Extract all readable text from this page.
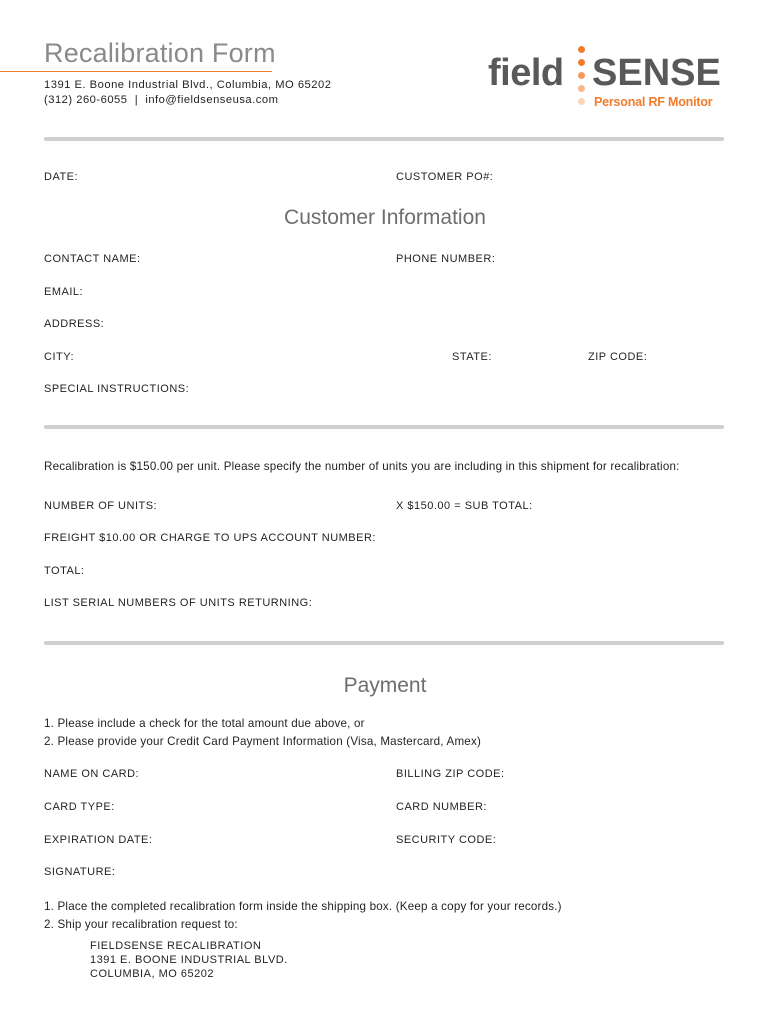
Recalibration Form
1391 E. Boone Industrial Blvd., Columbia, MO 65202
(312) 260-6055  |  info@fieldsenseusa.com
field SENSE
Personal RF Monitor
DATE:	CUSTOMER PO#:
Customer Information
CONTACT NAME:	PHONE NUMBER:
EMAIL:
ADDRESS:
CITY:	STATE:	ZIP CODE:
SPECIAL INSTRUCTIONS:
Recalibration is $150.00 per unit. Please specify the number of units you are including in this shipment for recalibration:
NUMBER OF UNITS:	X $150.00 = SUB TOTAL:
FREIGHT $10.00 OR CHARGE TO UPS ACCOUNT NUMBER:
TOTAL:
LIST SERIAL NUMBERS OF UNITS RETURNING:
Payment
1. Please include a check for the total amount due above, or
2. Please provide your Credit Card Payment Information (Visa, Mastercard, Amex)
NAME ON CARD:	BILLING ZIP CODE:
CARD TYPE:	CARD NUMBER:
EXPIRATION DATE:	SECURITY CODE:
SIGNATURE:
1. Place the completed recalibration form inside the shipping box. (Keep a copy for your records.)
2. Ship your recalibration request to:
FIELDSENSE RECALIBRATION
1391 E. BOONE INDUSTRIAL BLVD.
COLUMBIA, MO 65202
